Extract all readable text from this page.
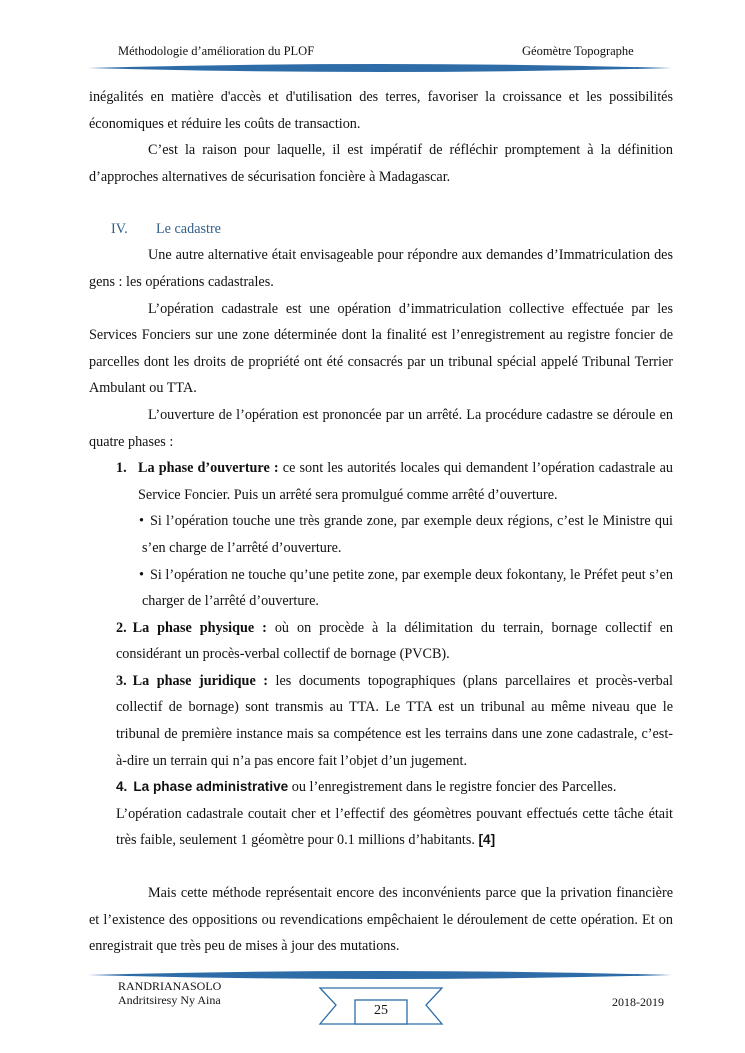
Méthodologie d’amélioration du PLOF	Géomètre Topographe

inégalités en matière d'accès et d'utilisation des terres, favoriser la croissance et les possibilités économiques et réduire les coûts de transaction.

C’est la raison pour laquelle, il est impératif de réfléchir promptement à la définition d’approches alternatives de sécurisation foncière à Madagascar.

IV. Le cadastre

Une autre alternative était envisageable pour répondre aux demandes d’Immatriculation des gens : les opérations cadastrales.

L’opération cadastrale est une opération d’immatriculation collective effectuée par les Services Fonciers sur une zone déterminée dont la finalité est l’enregistrement au registre foncier de parcelles dont les droits de propriété ont été consacrés par un tribunal spécial appelé Tribunal Terrier Ambulant ou TTA.

L’ouverture de l’opération est prononcée par un arrêté. La procédure cadastre se déroule en quatre phases :

1. La phase d’ouverture : ce sont les autorités locales qui demandent l’opération cadastrale au Service Foncier. Puis un arrêté sera promulgué comme arrêté d’ouverture.

• Si l’opération touche une très grande zone, par exemple deux régions, c’est le Ministre qui s’en charge de l’arrêté d’ouverture.

• Si l’opération ne touche qu’une petite zone, par exemple deux fokontany, le Préfet peut s’en charger de l’arrêté d’ouverture.

2. La phase physique : où on procède à la délimitation du terrain, bornage collectif en considérant un procès-verbal collectif de bornage (PVCB).

3. La phase juridique : les documents topographiques (plans parcellaires et procès-verbal collectif de bornage) sont transmis au TTA. Le TTA est un tribunal au même niveau que le tribunal de première instance mais sa compétence est les terrains dans une zone cadastrale, c’est-à-dire un terrain qui n’a pas encore fait l’objet d’un jugement.

4. La phase administrative ou l’enregistrement dans le registre foncier des Parcelles.

L’opération cadastrale coutait cher et l’effectif des géomètres pouvant effectués cette tâche était très faible, seulement 1 géomètre pour 0.1 millions d’habitants. [4]

Mais cette méthode représentait encore des inconvénients parce que la privation financière et l’existence des oppositions ou revendications empêchaient le déroulement de cette opération. Et on enregistrait que très peu de mises à jour des mutations.

RANDRIANASOLO
Andritsiresy Ny Aina
25
2018-2019
